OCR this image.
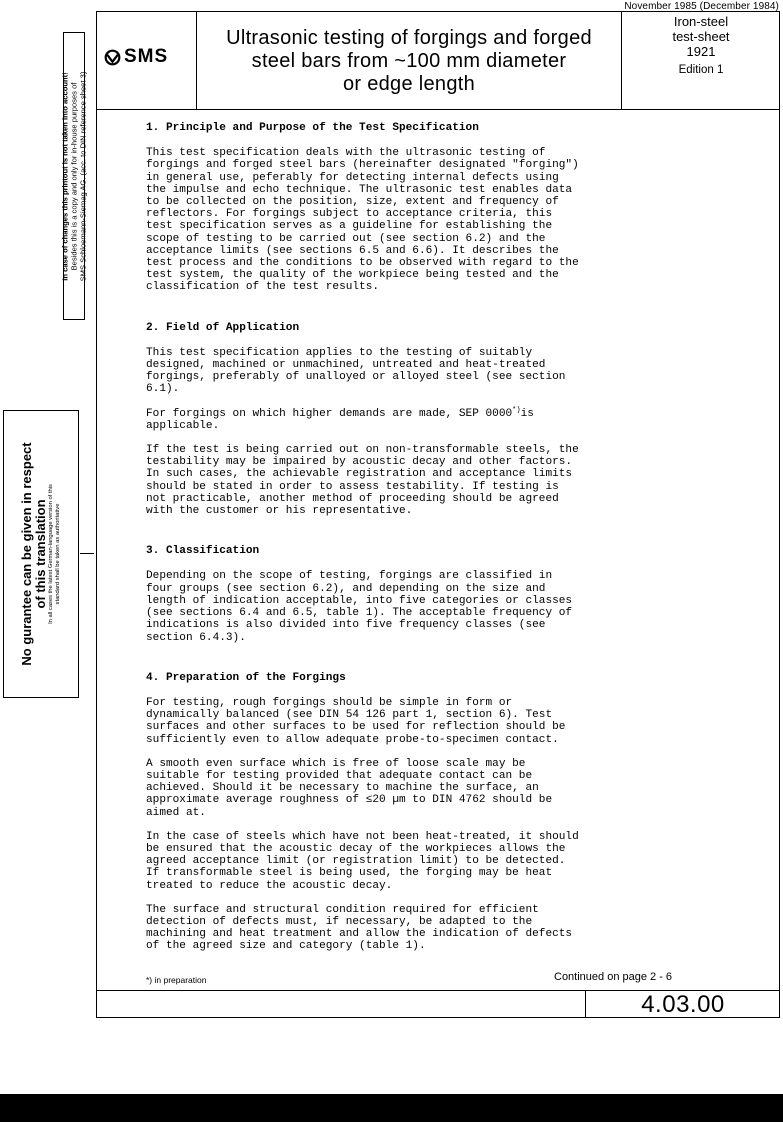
November 1985 (December 1984)
In case of changes this printout is not taken into account! Besides this is a copy and only for in-house purposes of SMS Schloemann-Siemag AG. (acc. to DIN reference sheet 3)
No gurantee can be given in respect of this translation In all cases the latest German-language version of this standard shall be taken as authoritative
SMS
Ultrasonic testing of forgings and forged
steel bars from ~100 mm diameter
or edge length
Iron-steel
test-sheet
1921
Edition 1
1. Principle and Purpose of the Test Specification

This test specification deals with the ultrasonic testing of
forgings and forged steel bars (hereinafter designated "forging")
in general use, peferably for detecting internal defects using
the impulse and echo technique. The ultrasonic test enables data
to be collected on the position, size, extent and frequency of
reflectors. For forgings subject to acceptance criteria, this
test specification serves as a guideline for establishing the
scope of testing to be carried out (see section 6.2) and the
acceptance limits (see sections 6.5 and 6.6). It describes the
test process and the conditions to be observed with regard to the
test system, the quality of the workpiece being tested and the
classification of the test results.

2. Field of Application

This test specification applies to the testing of suitably
designed, machined or unmachined, untreated and heat-treated
forgings, preferably of unalloyed or alloyed steel (see section
6.1).

For forgings on which higher demands are made, SEP 0000*)is
applicable.

If the test is being carried out on non-transformable steels, the
testability may be impaired by acoustic decay and other factors.
In such cases, the achievable registration and acceptance limits
should be stated in order to assess testability. If testing is
not practicable, another method of proceeding should be agreed
with the customer or his representative.

3. Classification

Depending on the scope of testing, forgings are classified in
four groups (see section 6.2), and depending on the size and
length of indication acceptable, into five categories or classes
(see sections 6.4 and 6.5, table 1). The acceptable frequency of
indications is also divided into five frequency classes (see
section 6.4.3).

4. Preparation of the Forgings

For testing, rough forgings should be simple in form or
dynamically balanced (see DIN 54 126 part 1, section 6). Test
surfaces and other surfaces to be used for reflection should be
sufficiently even to allow adequate probe-to-specimen contact.

A smooth even surface which is free of loose scale may be
suitable for testing provided that adequate contact can be
achieved. Should it be necessary to machine the surface, an
approximate average roughness of ≤20 µm to DIN 4762 should be
aimed at.

In the case of steels which have not been heat-treated, it should
be ensured that the acoustic decay of the workpieces allows the
agreed acceptance limit (or registration limit) to be detected.
If transformable steel is being used, the forging may be heat
treated to reduce the acoustic decay.

The surface and structural condition required for efficient
detection of defects must, if necessary, be adapted to the
machining and heat treatment and allow the indication of defects
of the agreed size and category (table 1).

*) in preparation	Continued on page 2 - 6
4.03.00
